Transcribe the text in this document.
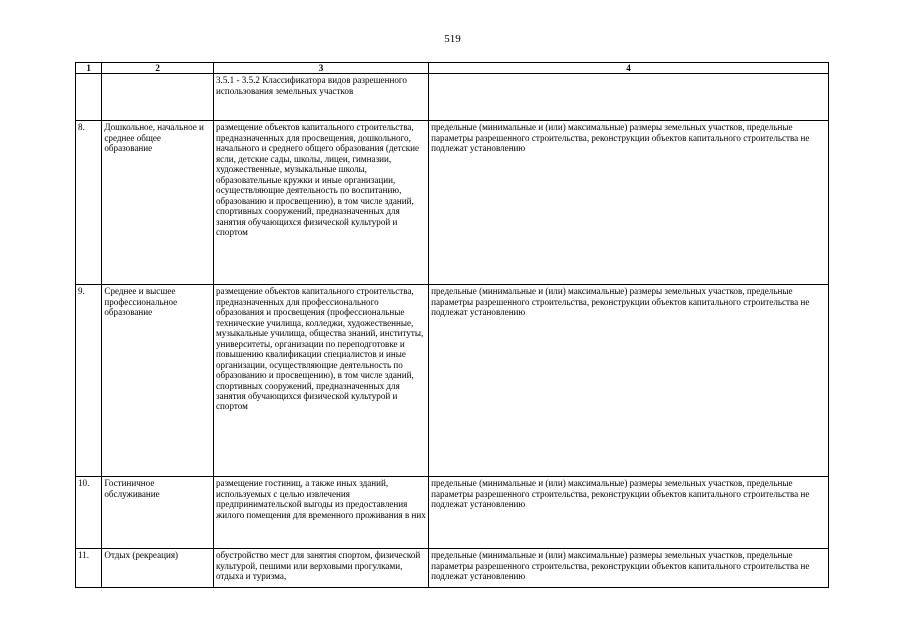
519
1	2	3	4
		3.5.1 - 3.5.2 Классификатора видов разрешенного использования земельных участков	
8.	Дошкольное, начальное и среднее общее образование	размещение объектов капитального строительства, предназначенных для просвещения, дошкольного, начального и среднего общего образования (детские ясли, детские сады, школы, лицеи, гимназии, художественные, музыкальные школы, образовательные кружки и иные организации, осуществляющие деятельность по воспитанию, образованию и просвещению), в том числе зданий, спортивных сооружений, предназначенных для занятия обучающихся физической культурой и спортом	предельные (минимальные и (или) максимальные) размеры земельных участков, предельные параметры разрешенного строительства, реконструкции объектов капитального строительства не подлежат установлению
9.	Среднее и высшее профессиональное образование	размещение объектов капитального строительства, предназначенных для профессионального образования и просвещения (профессиональные технические училища, колледжи, художественные, музыкальные училища, общества знаний, институты, университеты, организации по переподготовке и повышению квалификации специалистов и иные организации, осуществляющие деятельность по образованию и просвещению), в том числе зданий, спортивных сооружений, предназначенных для занятия обучающихся физической культурой и спортом	предельные (минимальные и (или) максимальные) размеры земельных участков, предельные параметры разрешенного строительства, реконструкции объектов капитального строительства не подлежат установлению
10.	Гостиничное обслуживание	размещение гостиниц, а также иных зданий, используемых с целью извлечения предпринимательской выгоды из предоставления жилого помещения для временного проживания в них	предельные (минимальные и (или) максимальные) размеры земельных участков, предельные параметры разрешенного строительства, реконструкции объектов капитального строительства не подлежат установлению
11.	Отдых (рекреация)	обустройство мест для занятия спортом, физической культурой, пешими или верховыми прогулками, отдыха и туризма,	предельные (минимальные и (или) максимальные) размеры земельных участков, предельные параметры разрешенного строительства, реконструкции объектов капитального строительства не подлежат установлению
